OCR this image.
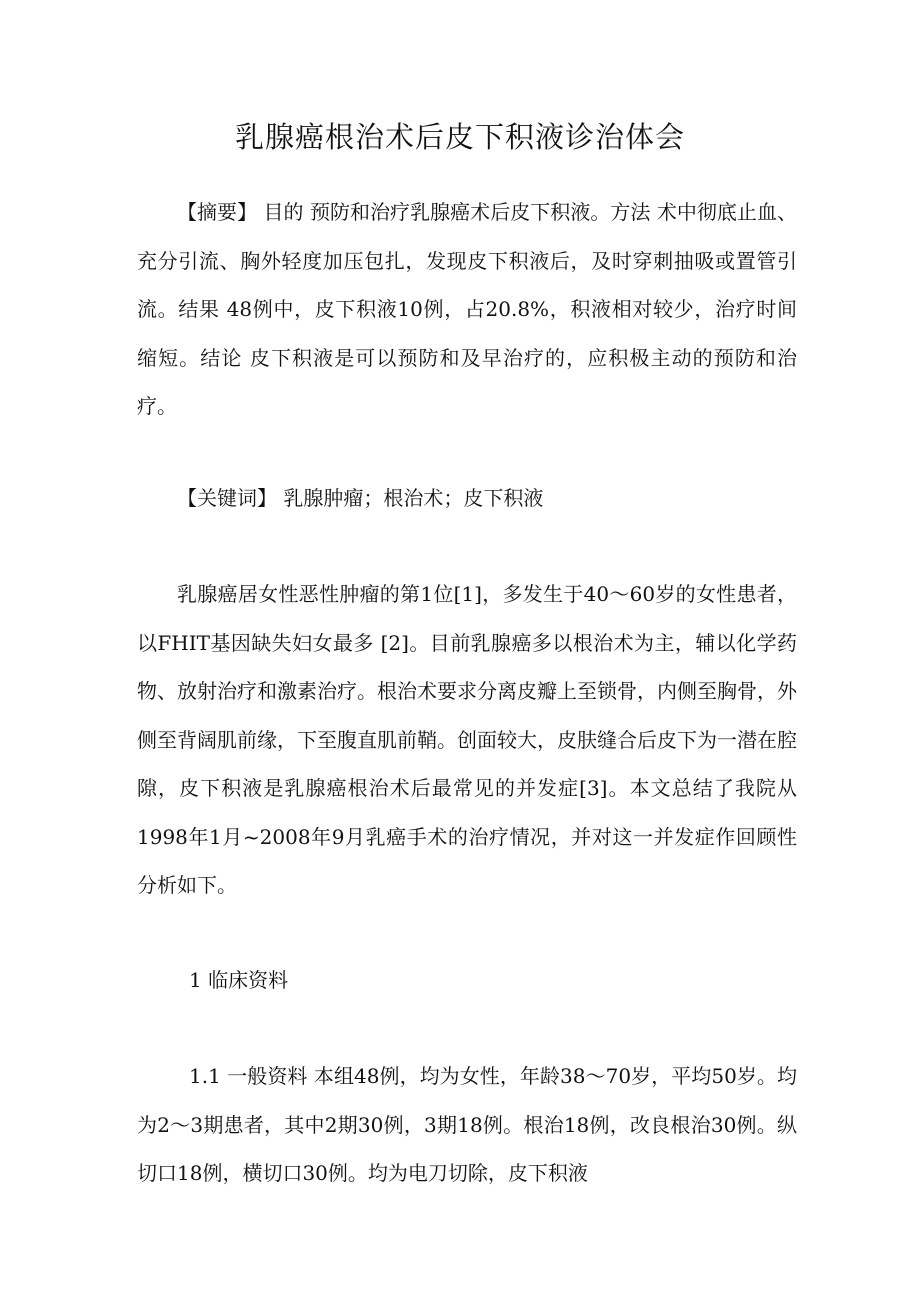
乳腺癌根治术后皮下积液诊治体会

【摘要】 目的 预防和治疗乳腺癌术后皮下积液。方法 术中彻底止血、充分引流、胸外轻度加压包扎，发现皮下积液后，及时穿刺抽吸或置管引流。结果 48例中，皮下积液10例，占20.8%，积液相对较少，治疗时间缩短。结论 皮下积液是可以预防和及早治疗的，应积极主动的预防和治疗。

【关键词】 乳腺肿瘤；根治术；皮下积液

乳腺癌居女性恶性肿瘤的第1位[1]，多发生于40～60岁的女性患者，以FHIT基因缺失妇女最多 [2]。目前乳腺癌多以根治术为主，辅以化学药物、放射治疗和激素治疗。根治术要求分离皮瓣上至锁骨，内侧至胸骨，外侧至背阔肌前缘，下至腹直肌前鞘。创面较大，皮肤缝合后皮下为一潜在腔隙，皮下积液是乳腺癌根治术后最常见的并发症[3]。本文总结了我院从1998年1月~2008年9月乳癌手术的治疗情况，并对这一并发症作回顾性分析如下。

1 临床资料

1.1 一般资料 本组48例，均为女性，年龄38～70岁，平均50岁。均为2～3期患者，其中2期30例，3期18例。根治18例，改良根治30例。纵切口18例，横切口30例。均为电刀切除，皮下积液
